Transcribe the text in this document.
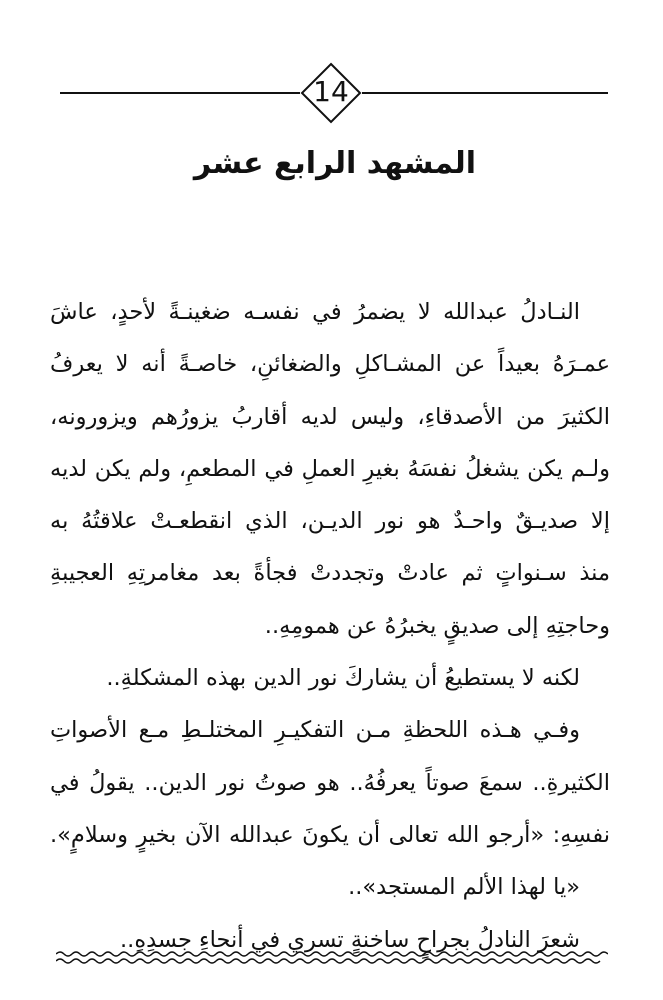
14
المشهد الرابع عشر
النـادلُ عبدالله لا يضمرُ في نفسـه ضغينـةً لأحدٍ، عاشَ
عمـرَهُ بعيداً عن المشـاكلِ والضغائنِ، خاصـةً أنه لا يعرفُ
الكثيرَ من الأصدقاءِ، وليس لديه أقاربُ يزورُهم ويزورونه،
ولـم يكن يشغلُ نفسَهُ بغيرِ العملِ في المطعمِ، ولم يكن لديه
إلا صديـقٌ واحـدٌ هو نور الديـن، الذي انقطعـتْ علاقتُهُ به
منذ سـنواتٍ ثم عادتْ وتجددتْ فجأةً بعد مغامرتِهِ العجيبةِ
وحاجتِهِ إلى صديقٍ يخبرُهُ عن همومِهِ..
لكنه لا يستطيعُ أن يشاركَ نور الدين بهذه المشكلةِ..
وفـي هـذه اللحظةِ مـن التفكيـرِ المختلـطِ مـع الأصواتِ
الكثيرةِ.. سمعَ صوتاً يعرفُهُ.. هو صوتُ نور الدين.. يقولُ في
نفسِهِ: «أرجو الله تعالى أن يكونَ عبدالله الآن بخيرٍ وسلامٍ».
«يا لهذا الألم المستجد»..
شعرَ النادلُ بجراحٍ ساخنةٍ تسري في أنحاءِ جسدِهِ..
